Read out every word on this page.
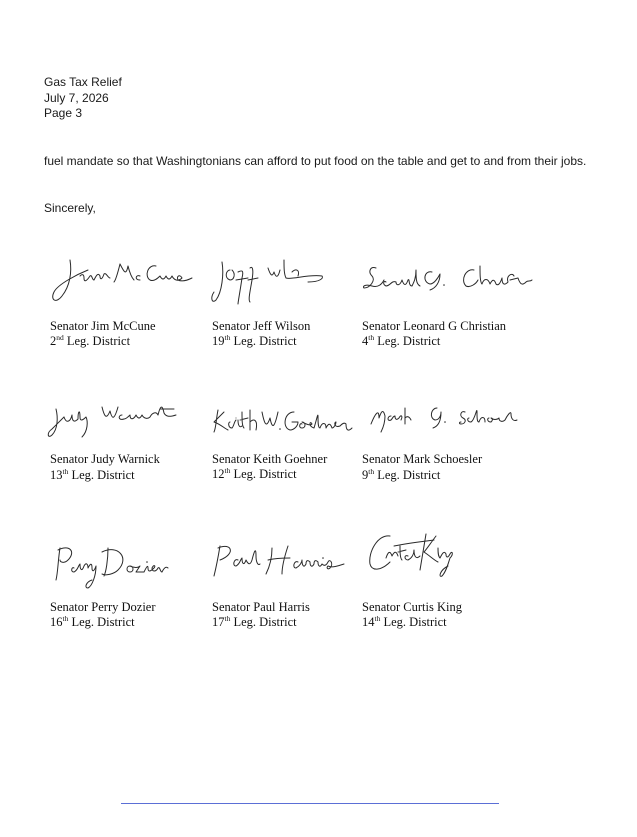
Gas Tax Relief
July 7, 2026
Page 3
fuel mandate so that Washingtonians can afford to put food on the table and get to and from their jobs.
Sincerely,
Senator Jim McCune
2nd Leg. District
Senator Jeff Wilson
19th Leg. District
Senator Leonard G Christian
4th Leg. District
Senator Judy Warnick
13th Leg. District
Senator Keith Goehner
12th Leg. District
Senator Mark Schoesler
9th Leg. District
Senator Perry Dozier
16th Leg. District
Senator Paul Harris
17th Leg. District
Senator Curtis King
14th Leg. District
